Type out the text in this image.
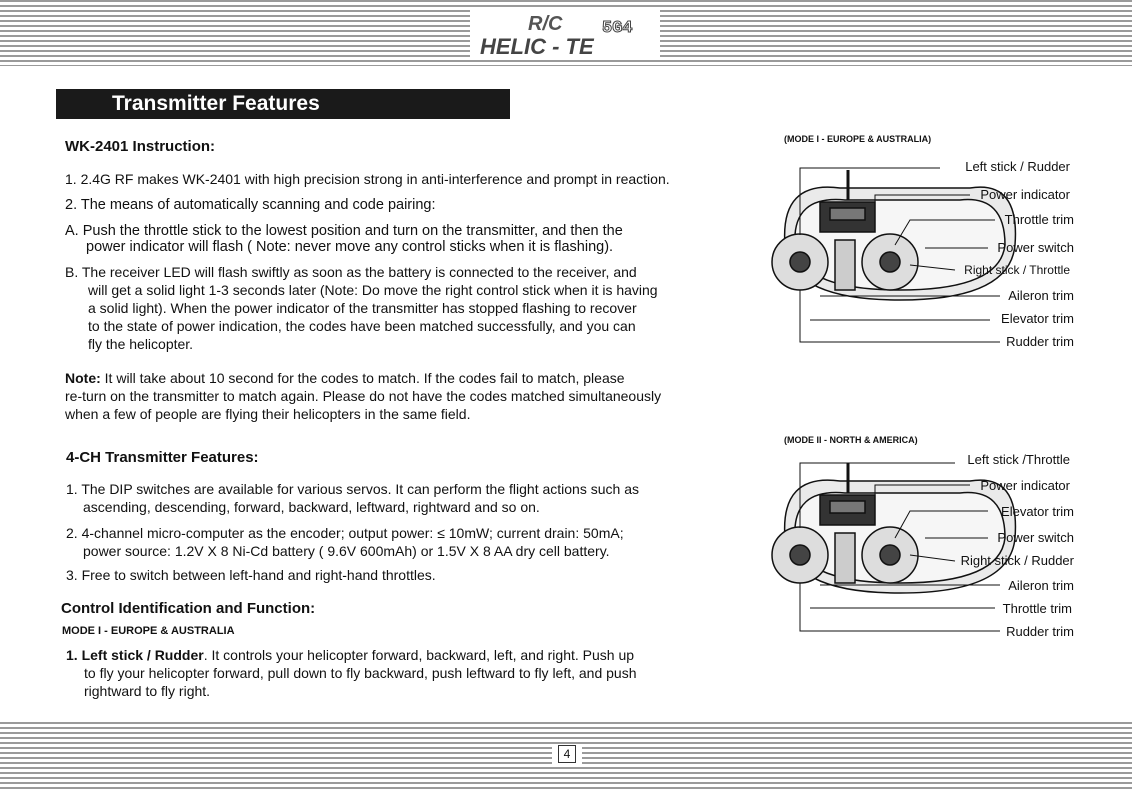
R/C
HELIC - TE
5G4
Transmitter Features
WK-2401 Instruction:
1. 2.4G RF makes WK-2401 with high precision strong in anti-interference and prompt in reaction.
2. The means of automatically scanning and code pairing:
A. Push the throttle stick to the lowest position and turn on the transmitter, and then the
power indicator will flash ( Note: never move any control sticks when it is flashing).
B. The receiver LED will flash swiftly as soon as the battery is connected to the receiver, and
will get a solid light 1-3 seconds later (Note: Do move the right control stick when it is having
a solid light). When the power indicator of the transmitter has stopped flashing to recover
to the state of power indication, the codes have been matched successfully, and you can
fly the helicopter.
Note: It will take about 10 second for the codes to match. If the codes fail to match, please
re-turn on the transmitter to match again. Please do not have the codes matched simultaneously
when a few of people are flying their helicopters in the same field.
4-CH Transmitter Features:
1. The DIP switches are available for various servos. It can perform the flight actions such as
ascending, descending, forward, backward, leftward, rightward and so on.
2. 4-channel micro-computer as the encoder; output power: ≤ 10mW; current drain: 50mA;
power source: 1.2V X 8 Ni-Cd battery ( 9.6V 600mAh) or 1.5V X 8 AA dry cell battery.
3. Free to switch between left-hand and right-hand throttles.
Control Identification and Function:
MODE I - EUROPE & AUSTRALIA
1. Left stick / Rudder. It controls your helicopter forward, backward, left, and right. Push up
to fly your helicopter forward, pull down to fly backward, push leftward to fly left, and push
rightward to fly right.
(MODE I - EUROPE & AUSTRALIA)
Left stick / Rudder
Power indicator
Throttle trim
Power switch
Right stick / Throttle
Aileron trim
Elevator trim
Rudder trim
(MODE II - NORTH & AMERICA)
Left stick /Throttle
Power indicator
Elevator trim
Power switch
Right stick / Rudder
Aileron trim
Throttle trim
Rudder trim
4
